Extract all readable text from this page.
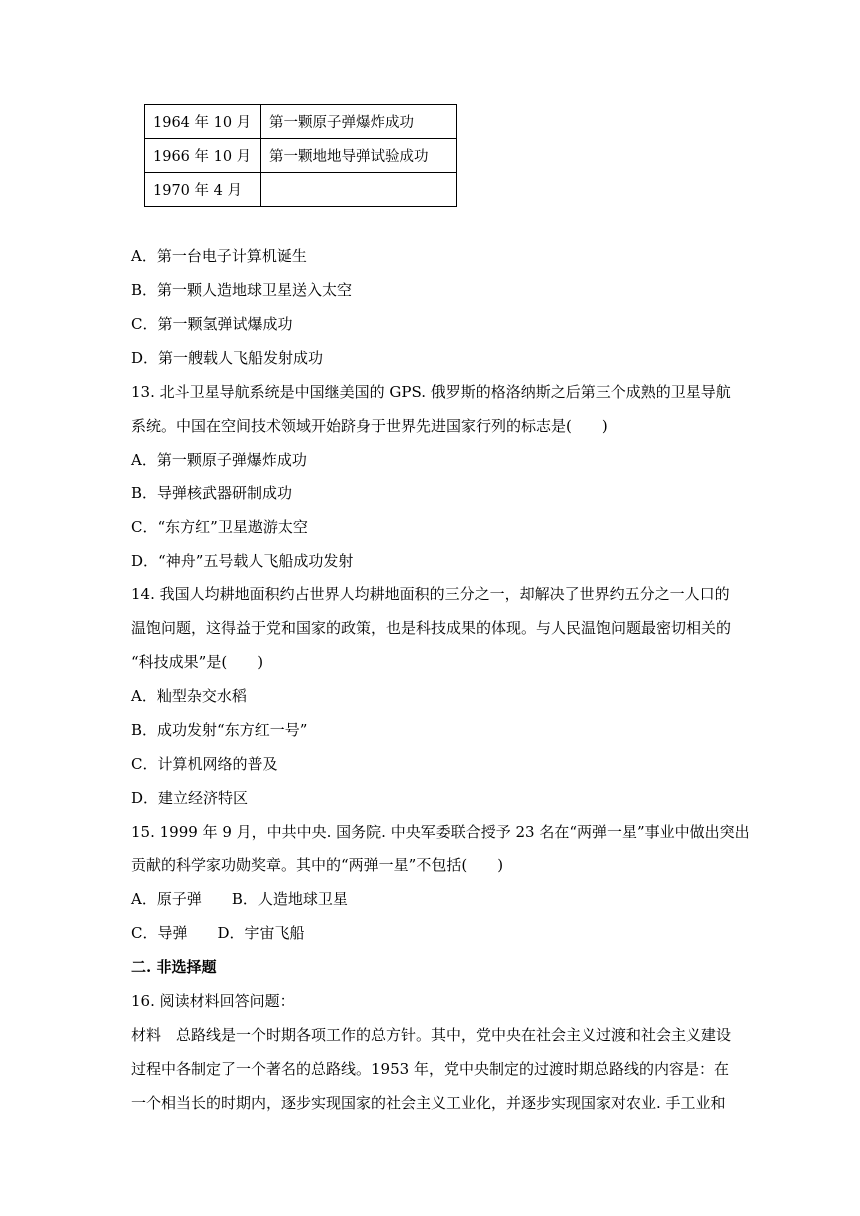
1964 年 10 月	第一颗原子弹爆炸成功
1966 年 10 月	第一颗地地导弹试验成功
1970 年 4 月	

A．第一台电子计算机诞生

B．第一颗人造地球卫星送入太空

C．第一颗氢弹试爆成功

D．第一艘载人飞船发射成功

13. 北斗卫星导航系统是中国继美国的 GPS. 俄罗斯的格洛纳斯之后第三个成熟的卫星导航

系统。中国在空间技术领域开始跻身于世界先进国家行列的标志是(　　)

A．第一颗原子弹爆炸成功

B．导弹核武器研制成功

C．“东方红”卫星遨游太空

D．“神舟”五号载人飞船成功发射

14. 我国人均耕地面积约占世界人均耕地面积的三分之一，却解决了世界约五分之一人口的

温饱问题，这得益于党和国家的政策，也是科技成果的体现。与人民温饱问题最密切相关的

“科技成果”是(　　)

A．籼型杂交水稻

B．成功发射“东方红一号”

C．计算机网络的普及

D．建立经济特区

15. 1999 年 9 月，中共中央. 国务院. 中央军委联合授予 23 名在“两弹一星”事业中做出突出

贡献的科学家功勋奖章。其中的“两弹一星”不包括(　　)

A．原子弹 B．人造地球卫星

C．导弹 D．宇宙飞船

二. 非选择题

16. 阅读材料回答问题：

材料　总路线是一个时期各项工作的总方针。其中，党中央在社会主义过渡和社会主义建设

过程中各制定了一个著名的总路线。1953 年，党中央制定的过渡时期总路线的内容是：在

一个相当长的时期内，逐步实现国家的社会主义工业化，并逐步实现国家对农业. 手工业和
